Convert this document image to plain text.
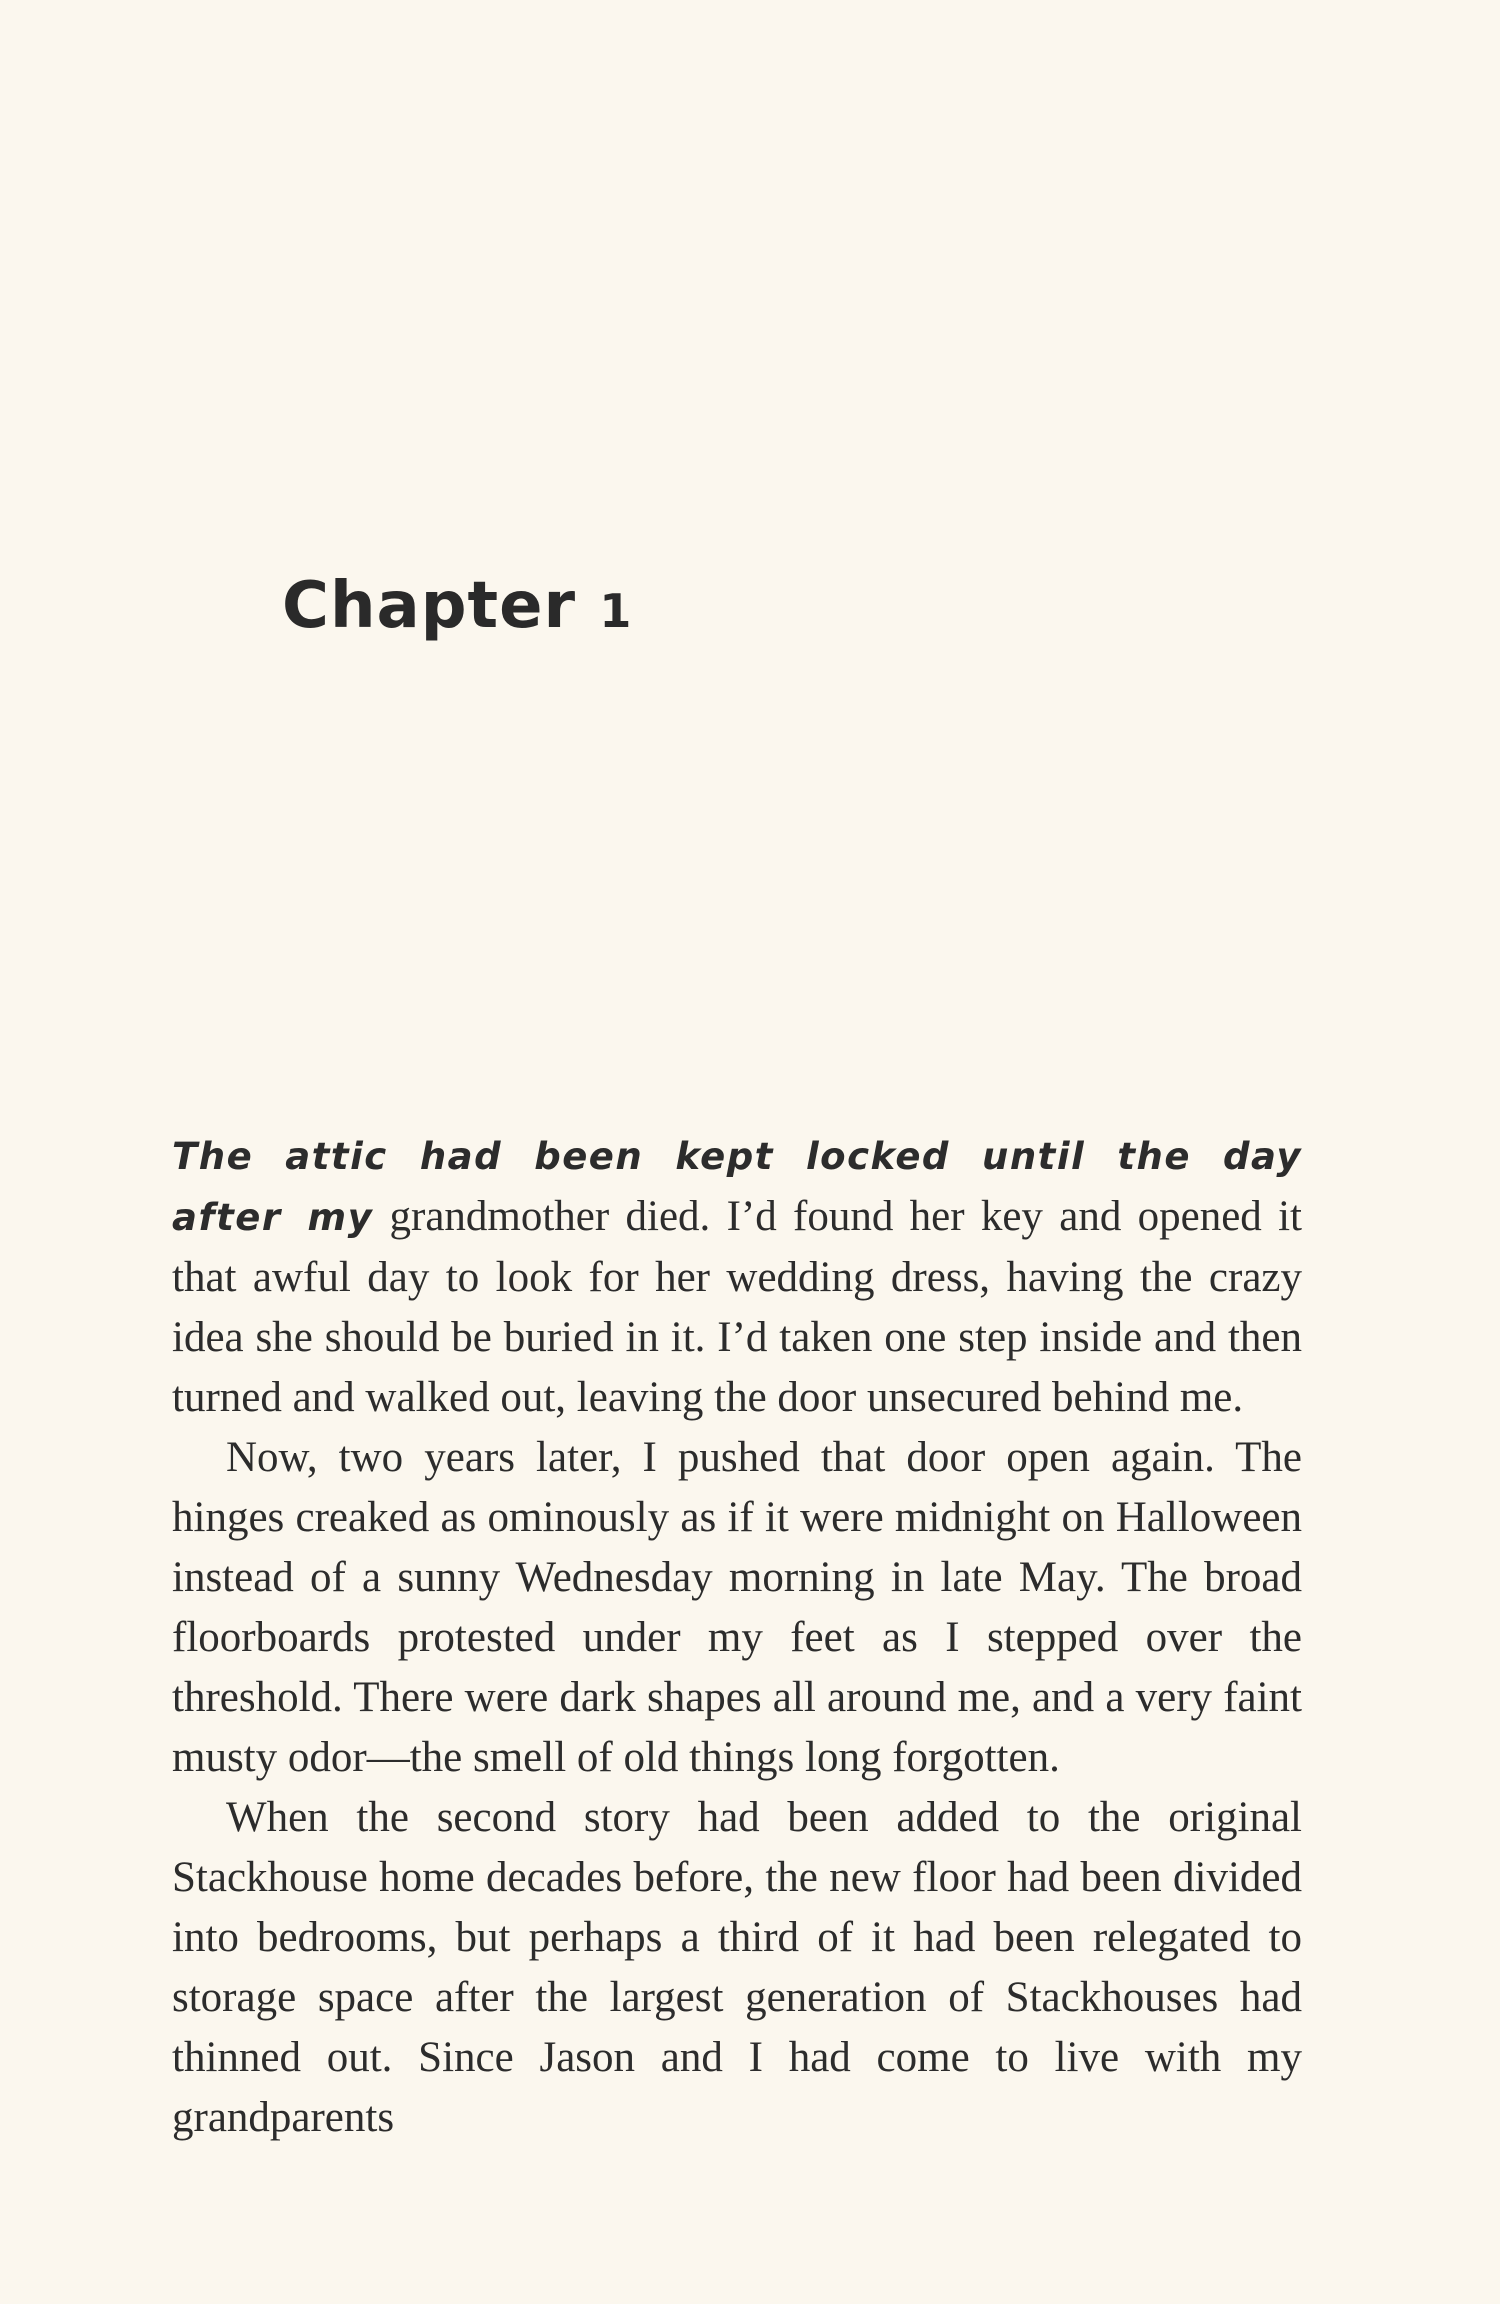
Chapter 1

The attic had been kept locked until the day after my grandmother died. I’d found her key and opened it that awful day to look for her wedding dress, having the crazy idea she should be buried in it. I’d taken one step inside and then turned and walked out, leaving the door unsecured behind me.

Now, two years later, I pushed that door open again. The hinges creaked as ominously as if it were midnight on Halloween instead of a sunny Wednesday morning in late May. The broad floorboards protested under my feet as I stepped over the threshold. There were dark shapes all around me, and a very faint musty odor—the smell of old things long forgotten.

When the second story had been added to the original Stackhouse home decades before, the new floor had been divided into bedrooms, but perhaps a third of it had been relegated to storage space after the largest generation of Stackhouses had thinned out. Since Jason and I had come to live with my grandparents
